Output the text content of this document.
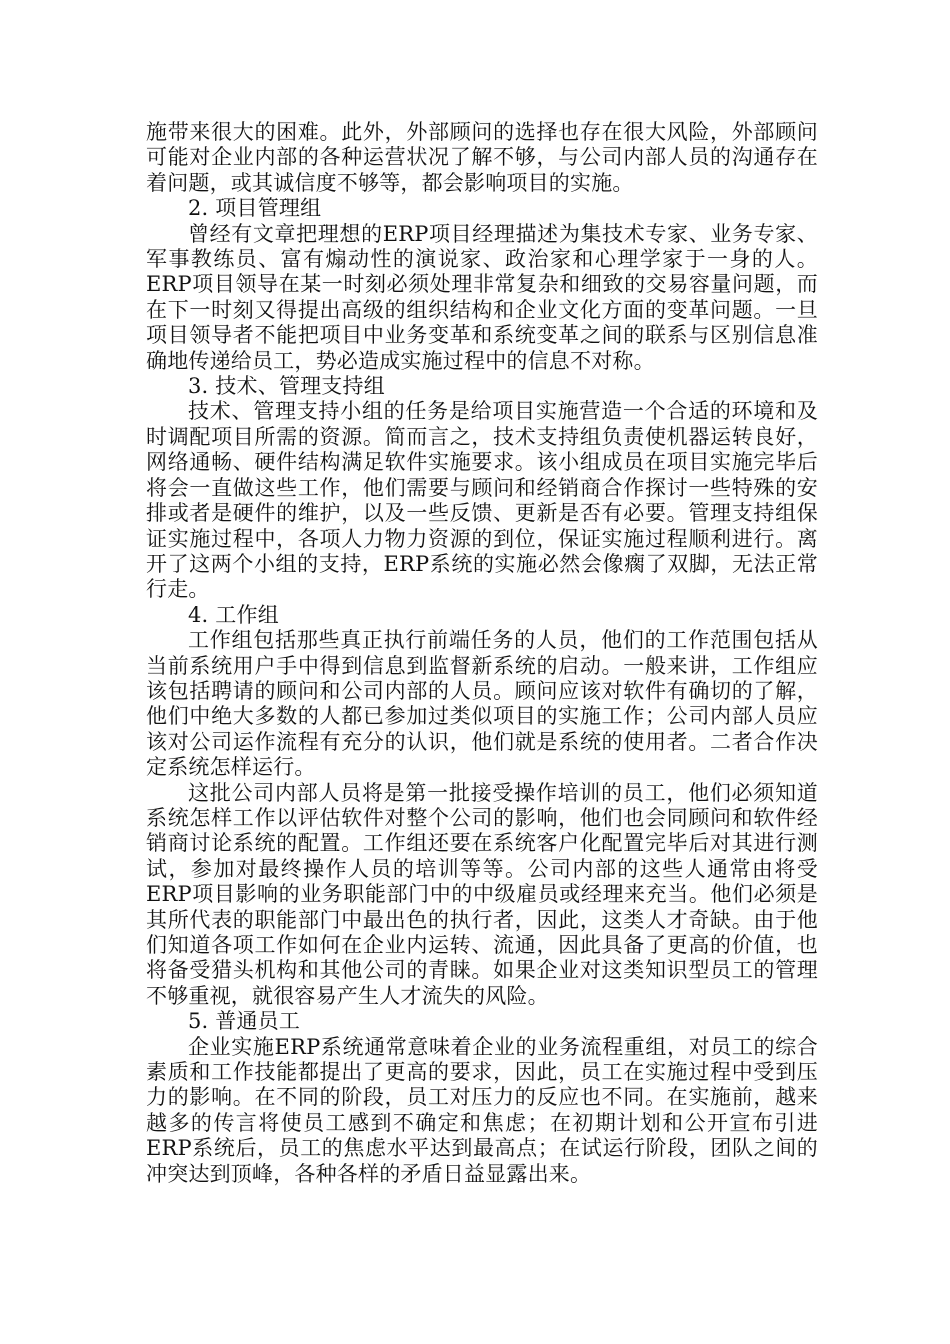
施带来很大的困难。此外，外部顾问的选择也存在很大风险，外部顾问可能对企业内部的各种运营状况了解不够，与公司内部人员的沟通存在着问题，或其诚信度不够等，都会影响项目的实施。

2. 项目管理组

曾经有文章把理想的ERP项目经理描述为集技术专家、业务专家、军事教练员、富有煽动性的演说家、政治家和心理学家于一身的人。ERP项目领导在某一时刻必须处理非常复杂和细致的交易容量问题，而在下一时刻又得提出高级的组织结构和企业文化方面的变革问题。一旦项目领导者不能把项目中业务变革和系统变革之间的联系与区别信息准确地传递给员工，势必造成实施过程中的信息不对称。

3. 技术、管理支持组

技术、管理支持小组的任务是给项目实施营造一个合适的环境和及时调配项目所需的资源。简而言之，技术支持组负责使机器运转良好，网络通畅、硬件结构满足软件实施要求。该小组成员在项目实施完毕后将会一直做这些工作，他们需要与顾问和经销商合作探讨一些特殊的安排或者是硬件的维护，以及一些反馈、更新是否有必要。管理支持组保证实施过程中，各项人力物力资源的到位，保证实施过程顺利进行。离开了这两个小组的支持，ERP系统的实施必然会像瘸了双脚，无法正常行走。

4. 工作组

工作组包括那些真正执行前端任务的人员，他们的工作范围包括从当前系统用户手中得到信息到监督新系统的启动。一般来讲，工作组应该包括聘请的顾问和公司内部的人员。顾问应该对软件有确切的了解，他们中绝大多数的人都已参加过类似项目的实施工作；公司内部人员应该对公司运作流程有充分的认识，他们就是系统的使用者。二者合作决定系统怎样运行。

这批公司内部人员将是第一批接受操作培训的员工，他们必须知道系统怎样工作以评估软件对整个公司的影响，他们也会同顾问和软件经销商讨论系统的配置。工作组还要在系统客户化配置完毕后对其进行测试，参加对最终操作人员的培训等等。公司内部的这些人通常由将受ERP项目影响的业务职能部门中的中级雇员或经理来充当。他们必须是其所代表的职能部门中最出色的执行者，因此，这类人才奇缺。由于他们知道各项工作如何在企业内运转、流通，因此具备了更高的价值，也将备受猎头机构和其他公司的青睐。如果企业对这类知识型员工的管理不够重视，就很容易产生人才流失的风险。

5. 普通员工

企业实施ERP系统通常意味着企业的业务流程重组，对员工的综合素质和工作技能都提出了更高的要求，因此，员工在实施过程中受到压力的影响。在不同的阶段，员工对压力的反应也不同。在实施前，越来越多的传言将使员工感到不确定和焦虑；在初期计划和公开宣布引进ERP系统后，员工的焦虑水平达到最高点；在试运行阶段，团队之间的冲突达到顶峰，各种各样的矛盾日益显露出来。
